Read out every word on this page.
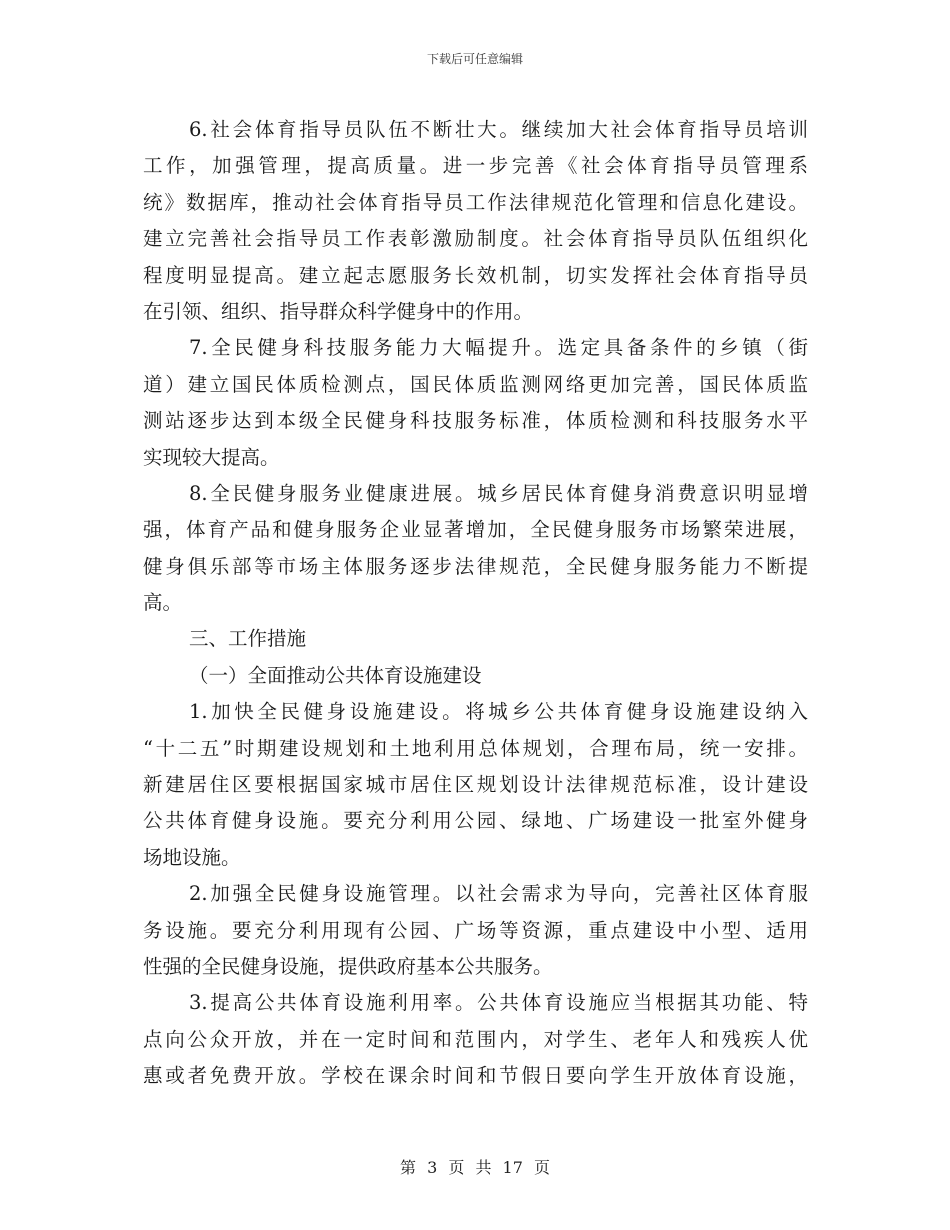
下载后可任意编辑
6.社会体育指导员队伍不断壮大。继续加大社会体育指导员培训
工作，加强管理，提高质量。进一步完善《社会体育指导员管理系
统》数据库，推动社会体育指导员工作法律规范化管理和信息化建设。
建立完善社会指导员工作表彰激励制度。社会体育指导员队伍组织化
程度明显提高。建立起志愿服务长效机制，切实发挥社会体育指导员
在引领、组织、指导群众科学健身中的作用。
7.全民健身科技服务能力大幅提升。选定具备条件的乡镇（街
道）建立国民体质检测点，国民体质监测网络更加完善，国民体质监
测站逐步达到本级全民健身科技服务标准，体质检测和科技服务水平
实现较大提高。
8.全民健身服务业健康进展。城乡居民体育健身消费意识明显增
强，体育产品和健身服务企业显著增加，全民健身服务市场繁荣进展，
健身俱乐部等市场主体服务逐步法律规范，全民健身服务能力不断提
高。
三、工作措施
（一）全面推动公共体育设施建设
1.加快全民健身设施建设。将城乡公共体育健身设施建设纳入
“十二五”时期建设规划和土地利用总体规划，合理布局，统一安排。
新建居住区要根据国家城市居住区规划设计法律规范标准，设计建设
公共体育健身设施。要充分利用公园、绿地、广场建设一批室外健身
场地设施。
2.加强全民健身设施管理。以社会需求为导向，完善社区体育服
务设施。要充分利用现有公园、广场等资源，重点建设中小型、适用
性强的全民健身设施，提供政府基本公共服务。
3.提高公共体育设施利用率。公共体育设施应当根据其功能、特
点向公众开放，并在一定时间和范围内，对学生、老年人和残疾人优
惠或者免费开放。学校在课余时间和节假日要向学生开放体育设施，
第 3 页 共 17 页
